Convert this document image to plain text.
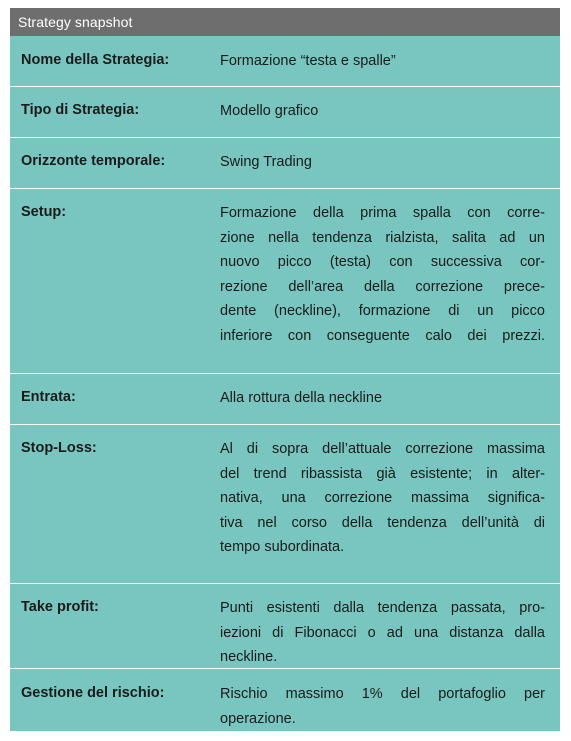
Strategy snapshot
Nome della Strategia:	Formazione “testa e spalle”
Tipo di Strategia:	Modello grafico
Orizzonte temporale:	Swing Trading
Setup:	Formazione della prima spalla con corre-
zione nella tendenza rialzista, salita ad un
nuovo picco (testa) con successiva cor-
rezione dell’area della correzione prece-
dente (neckline), formazione di un picco
inferiore con conseguente calo dei prezzi.
Entrata:	Alla rottura della neckline
Stop-Loss:	Al di sopra dell’attuale correzione massima
del trend ribassista già esistente; in alter-
nativa, una correzione massima significa-
tiva nel corso della tendenza dell’unità di
tempo subordinata.
Take profit:	Punti esistenti dalla tendenza passata, pro-
iezioni di Fibonacci o ad una distanza dalla
neckline.
Gestione del rischio:	Rischio massimo 1% del portafoglio per
operazione.
